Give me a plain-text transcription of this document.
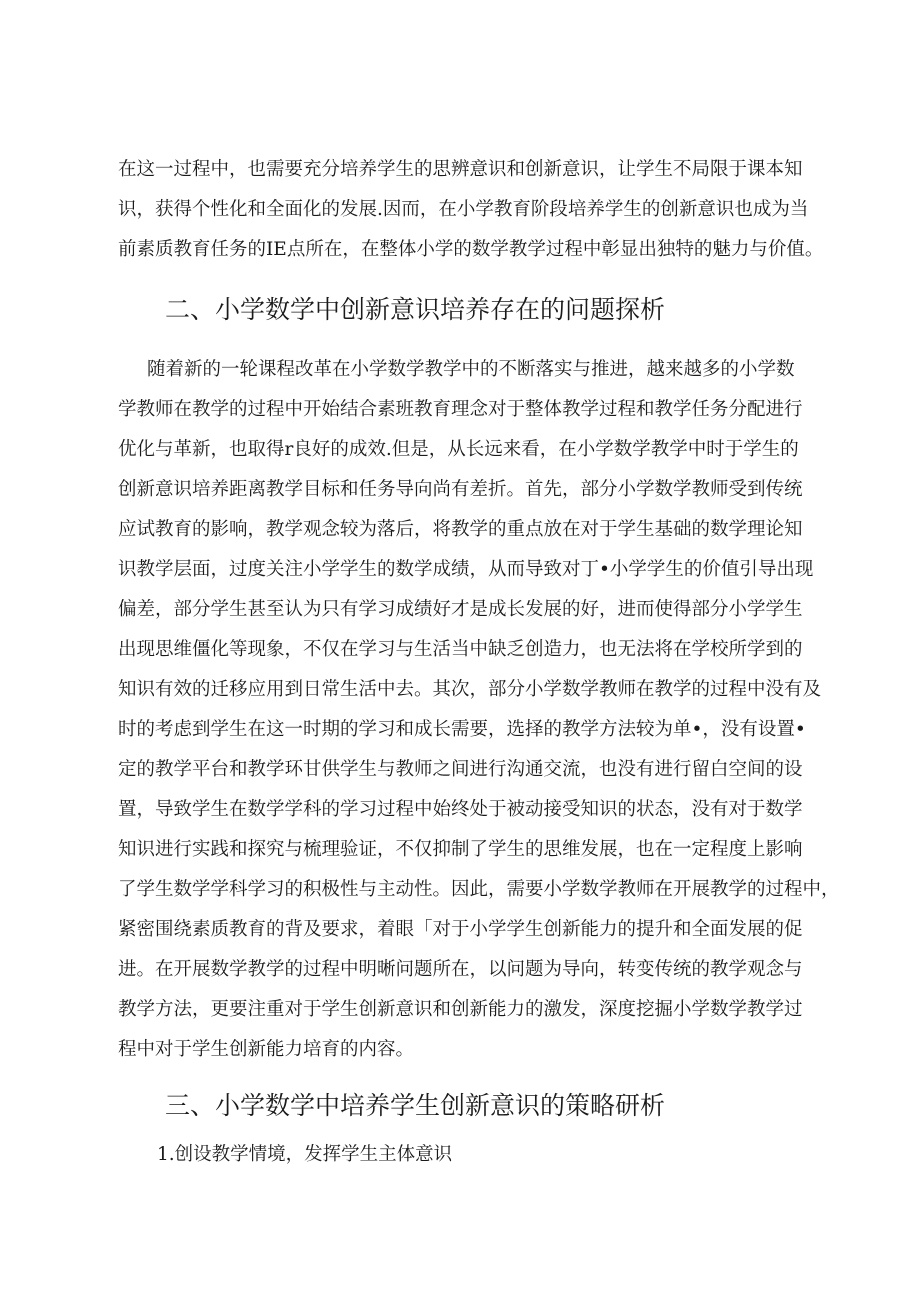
在这一过程中，也需要充分培养学生的思辨意识和创新意识，让学生不局限于课本知
识，获得个性化和全面化的发展.因而，在小学教育阶段培养学生的创新意识也成为当
前素质教育任务的IE点所在，在整体小学的数学教学过程中彰显出独特的魅力与价值。
二、小学数学中创新意识培养存在的问题探析
随着新的一轮课程改革在小学数学教学中的不断落实与推进，越来越多的小学数
学教师在教学的过程中开始结合素班教育理念对于整体教学过程和教学任务分配进行
优化与革新，也取得r良好的成效.但是，从长远来看，在小学数学教学中时于学生的
创新意识培养距离教学目标和任务导向尚有差折。首先，部分小学数学教师受到传统
应试教育的影响，教学观念较为落后，将教学的重点放在对于学生基础的数学理论知
识教学层面，过度关注小学学生的数学成绩，从而导致对丁•小学学生的价值引导出现
偏差，部分学生甚至认为只有学习成绩好才是成长发展的好，进而使得部分小学学生
出现思维僵化等现象，不仅在学习与生活当中缺乏创造力，也无法将在学校所学到的
知识有效的迁移应用到日常生活中去。其次，部分小学数学教师在教学的过程中没有及
时的考虑到学生在这一时期的学习和成长需要，选择的教学方法较为单•，没有设置•
定的教学平台和教学环甘供学生与教师之间进行沟通交流，也没有进行留白空间的设
置，导致学生在数学学科的学习过程中始终处于被动接受知识的状态，没有对于数学
知识进行实践和探究与梳理验证，不仅抑制了学生的思维发展，也在一定程度上影响
了学生数学学科学习的积极性与主动性。因此，需要小学数学教师在开展教学的过程中，
紧密围绕素质教育的背及要求，着眼「对于小学学生创新能力的提升和全面发展的促
进。在开展数学教学的过程中明晰问题所在，以问题为导向，转变传统的教学观念与
教学方法，更要注重对于学生创新意识和创新能力的激发，深度挖掘小学数学教学过
程中对于学生创新能力培育的内容。
三、小学数学中培养学生创新意识的策略研析
1.创设教学情境，发挥学生主体意识
